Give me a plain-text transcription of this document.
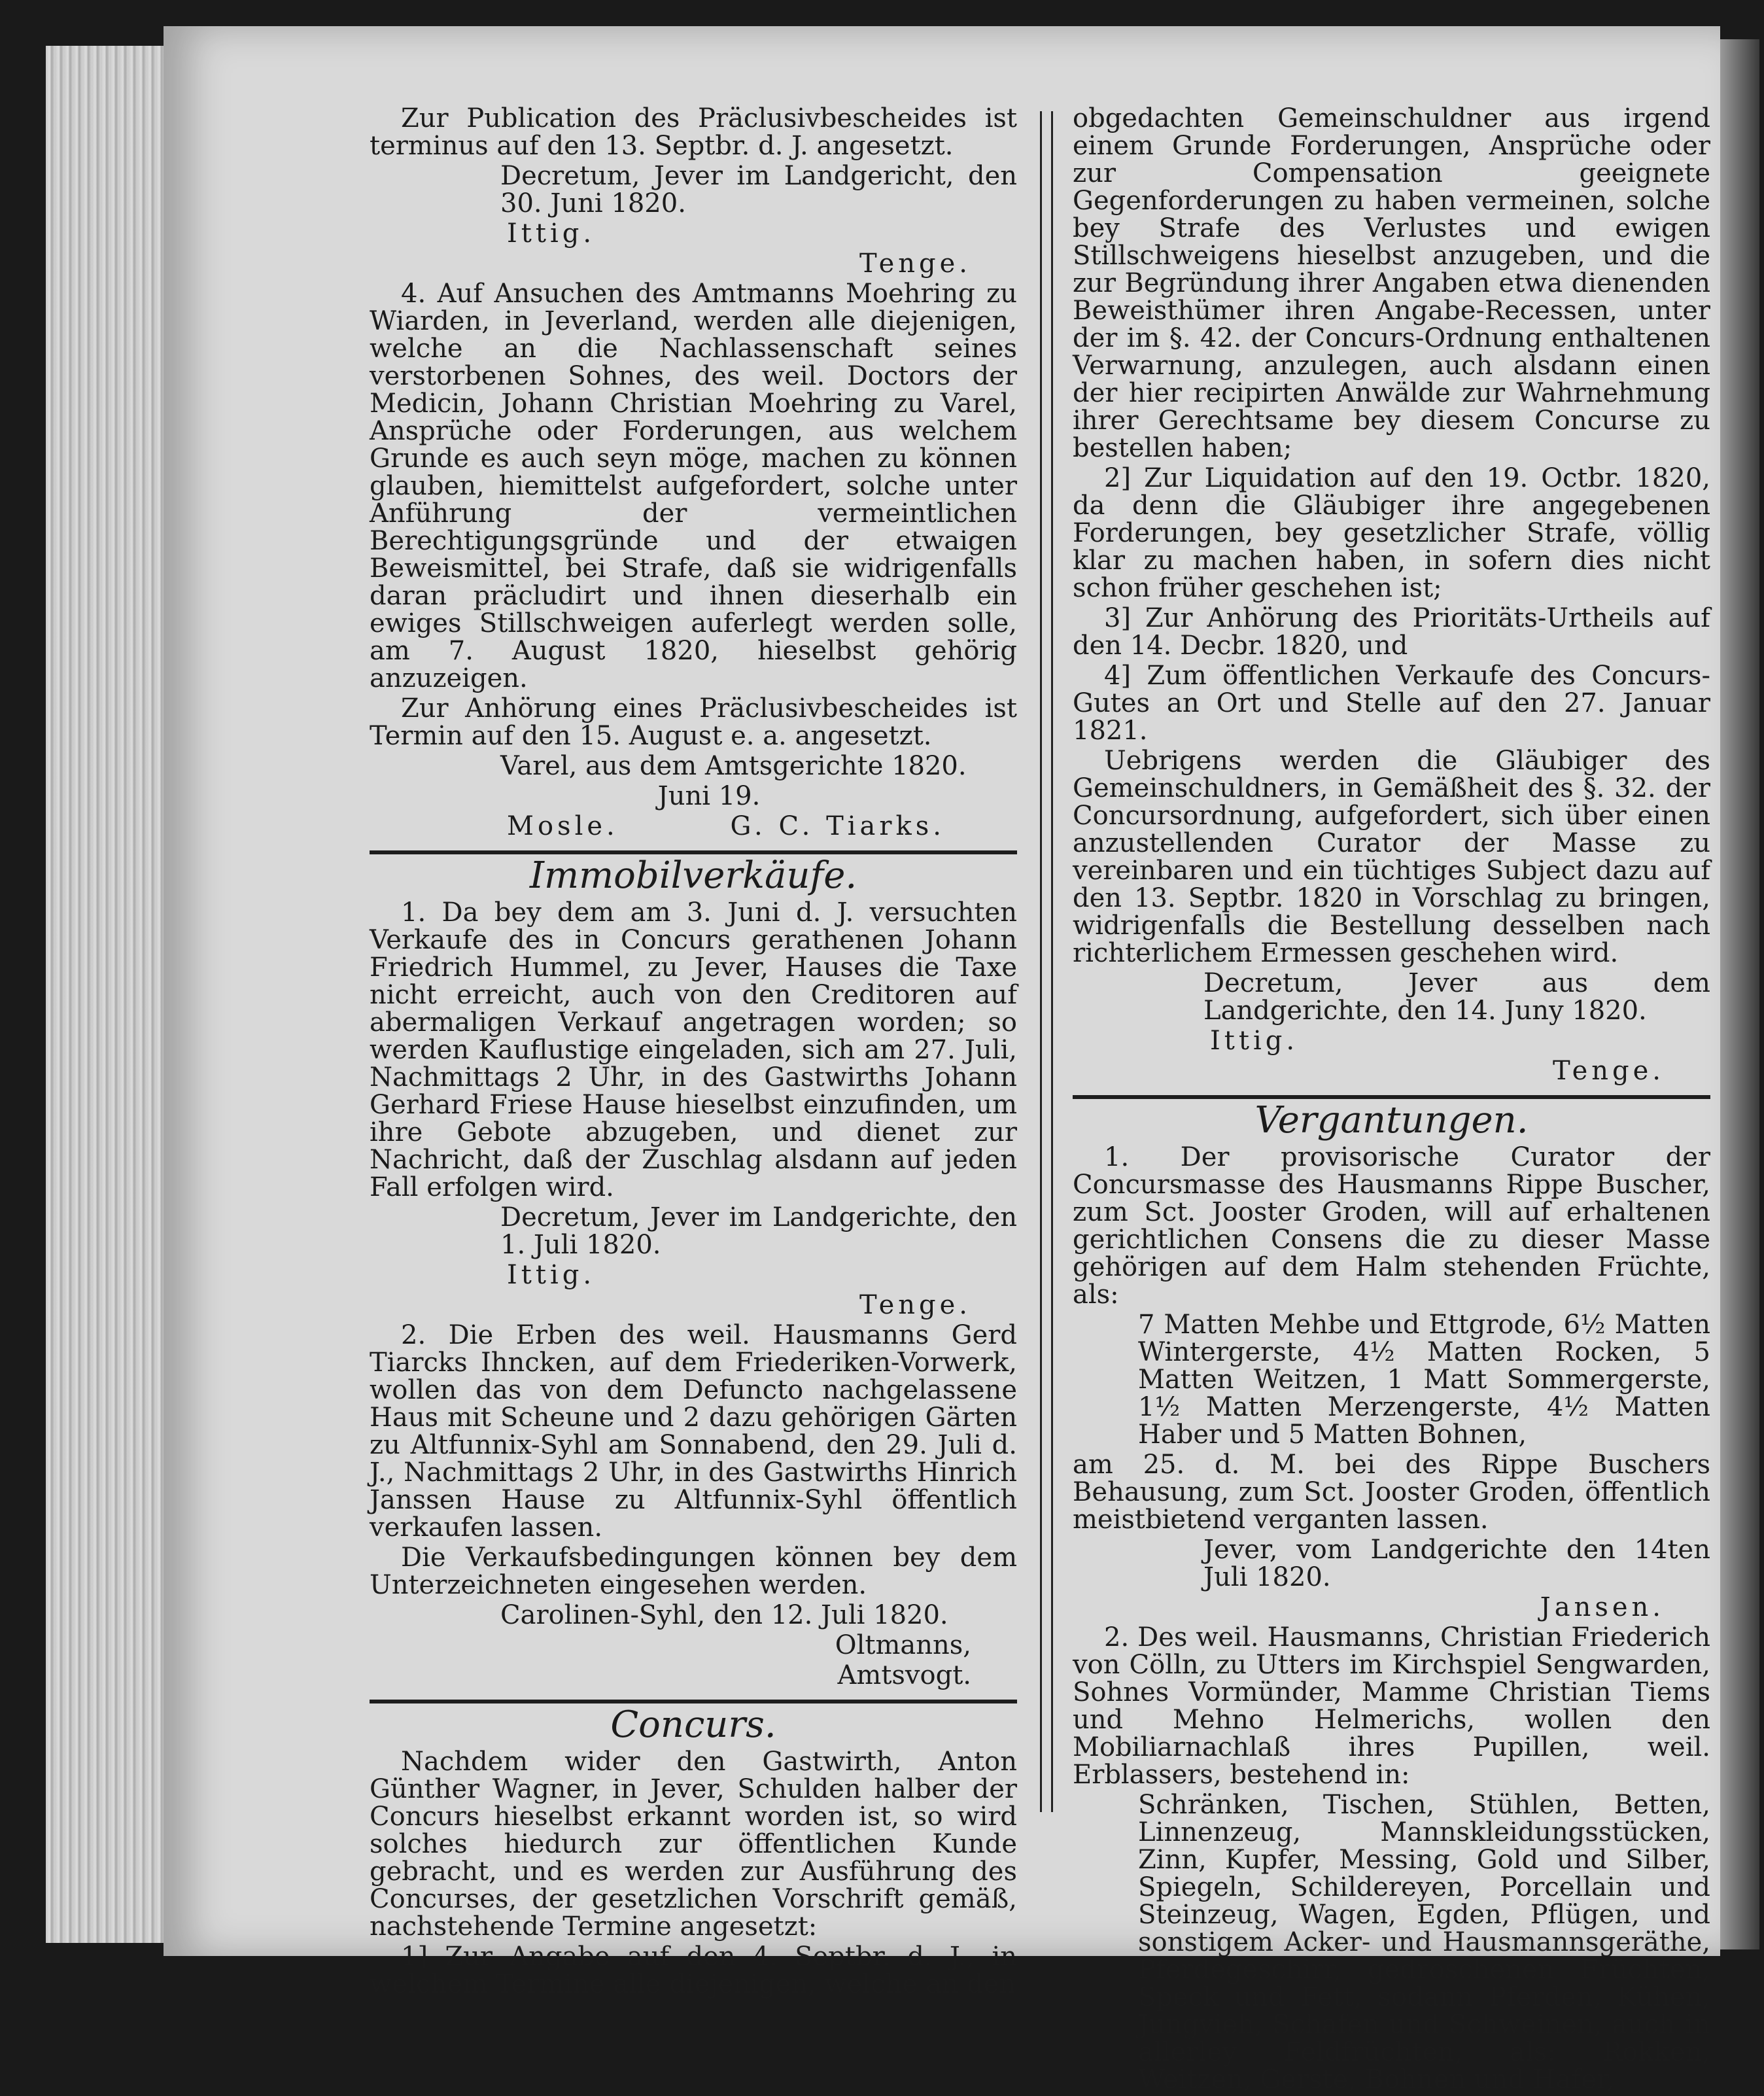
Zur Publication des Präclusivbescheides ist terminus auf den 13. Septbr. d. J. angesetzt.

Decretum, Jever im Landgericht, den 30. Juni 1820.

Ittig.

Tenge.

4. Auf Ansuchen des Amtmanns Moehring zu Wiarden, in Jeverland, werden alle diejenigen, welche an die Nachlassenschaft seines verstorbenen Sohnes, des weil. Doctors der Medicin, Johann Christian Moehring zu Varel, Ansprüche oder Forderungen, aus welchem Grunde es auch seyn möge, machen zu können glauben, hiemittelst aufgefordert, solche unter Anführung der vermeintlichen Berechtigungsgründe und der etwaigen Beweismittel, bei Strafe, daß sie widrigenfalls daran präcludirt und ihnen dieserhalb ein ewiges Stillschweigen auferlegt werden solle, am 7. August 1820, hieselbst gehörig anzuzeigen.

Zur Anhörung eines Präclusivbescheides ist Termin auf den 15. August e. a. angesetzt.

Varel, aus dem Amtsgerichte 1820.

Juni 19.

Mosle.	G. C. Tiarks.
Immobilverkäufe.

1. Da bey dem am 3. Juni d. J. versuchten Verkaufe des in Concurs gerathenen Johann Friedrich Hummel, zu Jever, Hauses die Taxe nicht erreicht, auch von den Creditoren auf abermaligen Verkauf angetragen worden; so werden Kauflustige eingeladen, sich am 27. Juli, Nachmittags 2 Uhr, in des Gastwirths Johann Gerhard Friese Hause hieselbst einzufinden, um ihre Gebote abzugeben, und dienet zur Nachricht, daß der Zuschlag alsdann auf jeden Fall erfolgen wird.

Decretum, Jever im Landgerichte, den 1. Juli 1820.

Ittig.

Tenge.

2. Die Erben des weil. Hausmanns Gerd Tiarcks Ihncken, auf dem Friederiken-Vorwerk, wollen das von dem Defuncto nachgelassene Haus mit Scheune und 2 dazu gehörigen Gärten zu Altfunnix-Syhl am Sonnabend, den 29. Juli d. J., Nachmittags 2 Uhr, in des Gastwirths Hinrich Janssen Hause zu Altfunnix-Syhl öffentlich verkaufen lassen.

Die Verkaufsbedingungen können bey dem Unterzeichneten eingesehen werden.

Carolinen-Syhl, den 12. Juli 1820.

Oltmanns,

Amtsvogt.

Concurs.

Nachdem wider den Gastwirth, Anton Günther Wagner, in Jever, Schulden halber der Concurs hieselbst erkannt worden ist, so wird solches hiedurch zur öffentlichen Kunde gebracht, und es werden zur Ausführung des Concurses, der gesetzlichen Vorschrift gemäß, nachstehende Termine angesetzt:

1] Zur Angabe auf den 4. Septbr. d. J., in welchem Termine alle diejenigen, welche an den

obgedachten Gemeinschuldner aus irgend einem Grunde Forderungen, Ansprüche oder zur Compensation geeignete Gegenforderungen zu haben vermeinen, solche bey Strafe des Verlustes und ewigen Stillschweigens hieselbst anzugeben, und die zur Begründung ihrer Angaben etwa dienenden Beweisthümer ihren Angabe-Recessen, unter der im §. 42. der Concurs-Ordnung enthaltenen Verwarnung, anzulegen, auch alsdann einen der hier recipirten Anwälde zur Wahrnehmung ihrer Gerechtsame bey diesem Concurse zu bestellen haben;

2] Zur Liquidation auf den 19. Octbr. 1820, da denn die Gläubiger ihre angegebenen Forderungen, bey gesetzlicher Strafe, völlig klar zu machen haben, in sofern dies nicht schon früher geschehen ist;

3] Zur Anhörung des Prioritäts-Urtheils auf den 14. Decbr. 1820, und

4] Zum öffentlichen Verkaufe des Concurs-Gutes an Ort und Stelle auf den 27. Januar 1821.

Uebrigens werden die Gläubiger des Gemeinschuldners, in Gemäßheit des §. 32. der Concursordnung, aufgefordert, sich über einen anzustellenden Curator der Masse zu vereinbaren und ein tüchtiges Subject dazu auf den 13. Septbr. 1820 in Vorschlag zu bringen, widrigenfalls die Bestellung desselben nach richterlichem Ermessen geschehen wird.

Decretum, Jever aus dem Landgerichte, den 14. Juny 1820.

Ittig.

Tenge.

Vergantungen.

1. Der provisorische Curator der Concursmasse des Hausmanns Rippe Buscher, zum Sct. Jooster Groden, will auf erhaltenen gerichtlichen Consens die zu dieser Masse gehörigen auf dem Halm stehenden Früchte, als:

7 Matten Mehbe und Ettgrode, 6½ Matten Wintergerste, 4½ Matten Rocken, 5 Matten Weitzen, 1 Matt Sommergerste, 1½ Matten Merzengerste, 4½ Matten Haber und 5 Matten Bohnen,

am 25. d. M. bei des Rippe Buschers Behausung, zum Sct. Jooster Groden, öffentlich meistbietend verganten lassen.

Jever, vom Landgerichte den 14ten Juli 1820.

Jansen.

2. Des weil. Hausmanns, Christian Friederich von Cölln, zu Utters im Kirchspiel Sengwarden, Sohnes Vormünder, Mamme Christian Tiems und Mehno Helmerichs, wollen den Mobiliarnachlaß ihres Pupillen, weil. Erblassers, bestehend in:

Schränken, Tischen, Stühlen, Betten, Linnenzeug, Mannskleidungsstücken, Zinn, Kupfer, Messing, Gold und Silber, Spiegeln, Schildereyen, Porcellain und Steinzeug, Wagen, Egden, Pflügen, und sonstigem Acker- und Hausmannsgeräthe, Pferdegeschirr, gedroschenen Früchten, Speck und Fett, sodann Pferden, Kühen, Jungvieh, Schafen und Schweinen, auch in allerley Feldfrüchten, als: Rokken, Weitzen, Gerste, Bohnen und Hafer,
